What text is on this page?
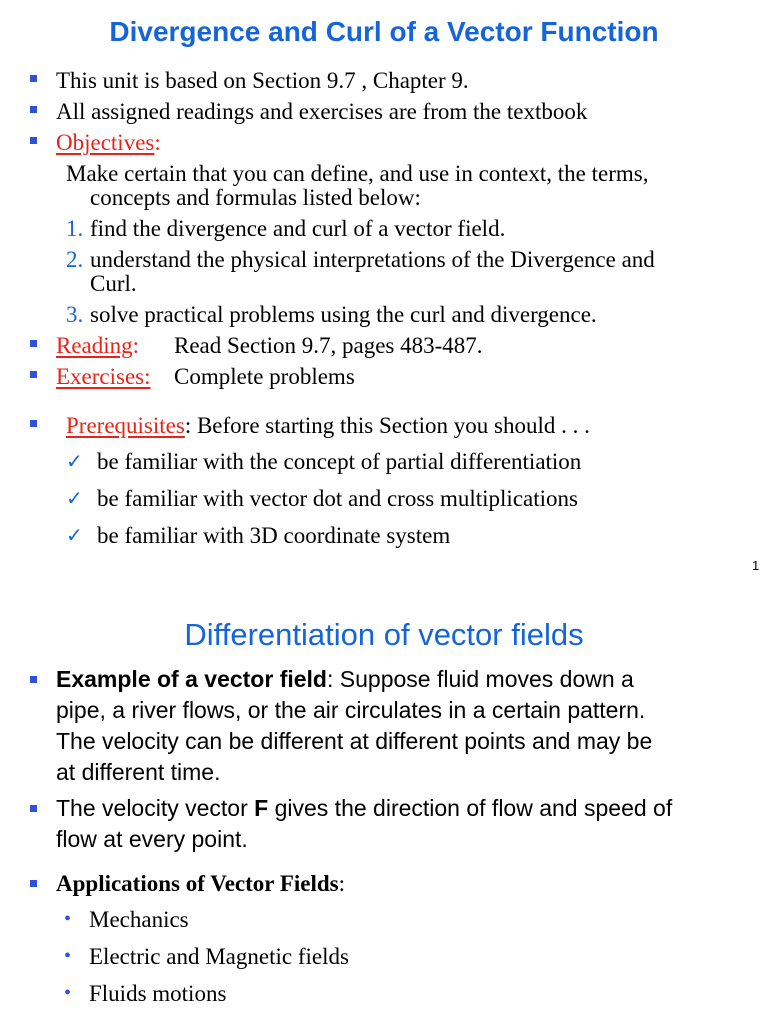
Divergence and Curl of a Vector Function
This unit is based on Section 9.7 , Chapter 9.
All assigned readings and exercises are from the textbook
Objectives:
Make certain that you can define, and use in context, the terms,
concepts and formulas listed below:
1. find the divergence and curl of a vector field.
2. understand the physical interpretations of the Divergence and
Curl.
3. solve practical problems using the curl and divergence.
Reading: Read Section 9.7, pages 483-487.
Exercises: Complete problems
Prerequisites: Before starting this Section you should . . .
✓ be familiar with the concept of partial differentiation
✓ be familiar with vector dot and cross multiplications
✓ be familiar with 3D coordinate system
1
Differentiation of vector fields
Example of a vector field: Suppose fluid moves down a
pipe, a river flows, or the air circulates in a certain pattern.
The velocity can be different at different points and may be
at different time.
The velocity vector F gives the direction of flow and speed of
flow at every point.
Applications of Vector Fields:
• Mechanics
• Electric and Magnetic fields
• Fluids motions
